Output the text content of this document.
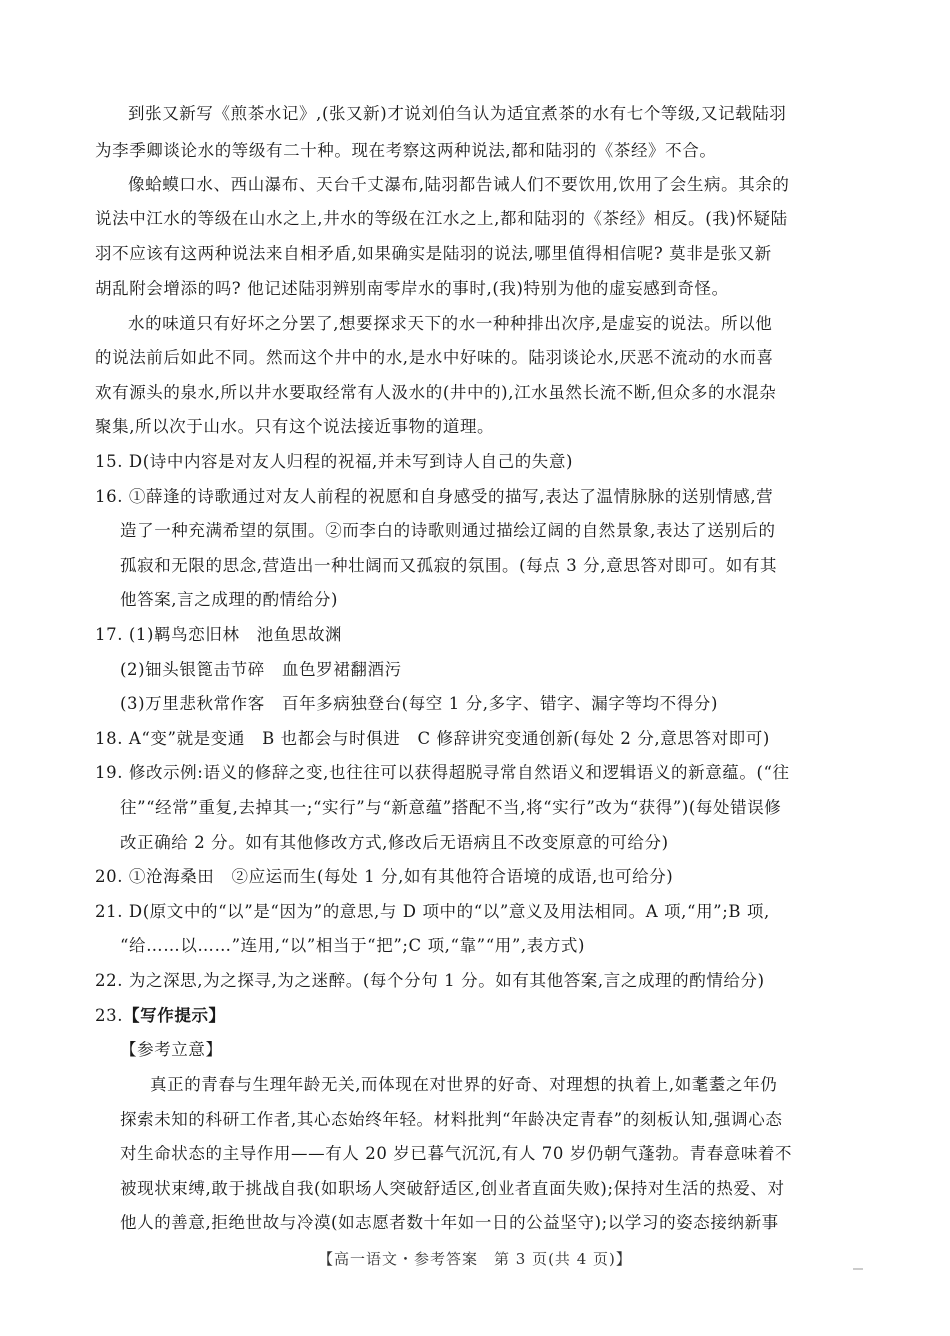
到张又新写《煎茶水记》,(张又新)才说刘伯刍认为适宜煮茶的水有七个等级,又记载陆羽
为李季卿谈论水的等级有二十种。现在考察这两种说法,都和陆羽的《茶经》不合。
像蛤蟆口水、西山瀑布、天台千丈瀑布,陆羽都告诫人们不要饮用,饮用了会生病。其余的
说法中江水的等级在山水之上,井水的等级在江水之上,都和陆羽的《茶经》相反。(我)怀疑陆
羽不应该有这两种说法来自相矛盾,如果确实是陆羽的说法,哪里值得相信呢? 莫非是张又新
胡乱附会增添的吗? 他记述陆羽辨别南零岸水的事时,(我)特别为他的虚妄感到奇怪。
水的味道只有好坏之分罢了,想要探求天下的水一种种排出次序,是虚妄的说法。所以他
的说法前后如此不同。然而这个井中的水,是水中好味的。陆羽谈论水,厌恶不流动的水而喜
欢有源头的泉水,所以井水要取经常有人汲水的(井中的),江水虽然长流不断,但众多的水混杂
聚集,所以次于山水。只有这个说法接近事物的道理。
15. D(诗中内容是对友人归程的祝福,并未写到诗人自己的失意)
16. ①薛逢的诗歌通过对友人前程的祝愿和自身感受的描写,表达了温情脉脉的送别情感,营
造了一种充满希望的氛围。②而李白的诗歌则通过描绘辽阔的自然景象,表达了送别后的
孤寂和无限的思念,营造出一种壮阔而又孤寂的氛围。(每点 3 分,意思答对即可。如有其
他答案,言之成理的酌情给分)
17. (1)羁鸟恋旧林　池鱼思故渊
(2)钿头银篦击节碎　血色罗裙翻酒污
(3)万里悲秋常作客　百年多病独登台(每空 1 分,多字、错字、漏字等均不得分)
18. A“变”就是变通　B 也都会与时俱进　C 修辞讲究变通创新(每处 2 分,意思答对即可)
19. 修改示例:语义的修辞之变,也往往可以获得超脱寻常自然语义和逻辑语义的新意蕴。(“往
往”“经常”重复,去掉其一;“实行”与“新意蕴”搭配不当,将“实行”改为“获得”)(每处错误修
改正确给 2 分。如有其他修改方式,修改后无语病且不改变原意的可给分)
20. ①沧海桑田　②应运而生(每处 1 分,如有其他符合语境的成语,也可给分)
21. D(原文中的“以”是“因为”的意思,与 D 项中的“以”意义及用法相同。A 项,“用”;B 项,
“给……以……”连用,“以”相当于“把”;C 项,“靠”“用”,表方式)
22. 为之深思,为之探寻,为之迷醉。(每个分句 1 分。如有其他答案,言之成理的酌情给分)
23.【写作提示】
【参考立意】
真正的青春与生理年龄无关,而体现在对世界的好奇、对理想的执着上,如耄耋之年仍
探索未知的科研工作者,其心态始终年轻。材料批判“年龄决定青春”的刻板认知,强调心态
对生命状态的主导作用——有人 20 岁已暮气沉沉,有人 70 岁仍朝气蓬勃。青春意味着不
被现状束缚,敢于挑战自我(如职场人突破舒适区,创业者直面失败);保持对生活的热爱、对
他人的善意,拒绝世故与冷漠(如志愿者数十年如一日的公益坚守);以学习的姿态接纳新事
【高一语文・参考答案　第 3 页(共 4 页)】
